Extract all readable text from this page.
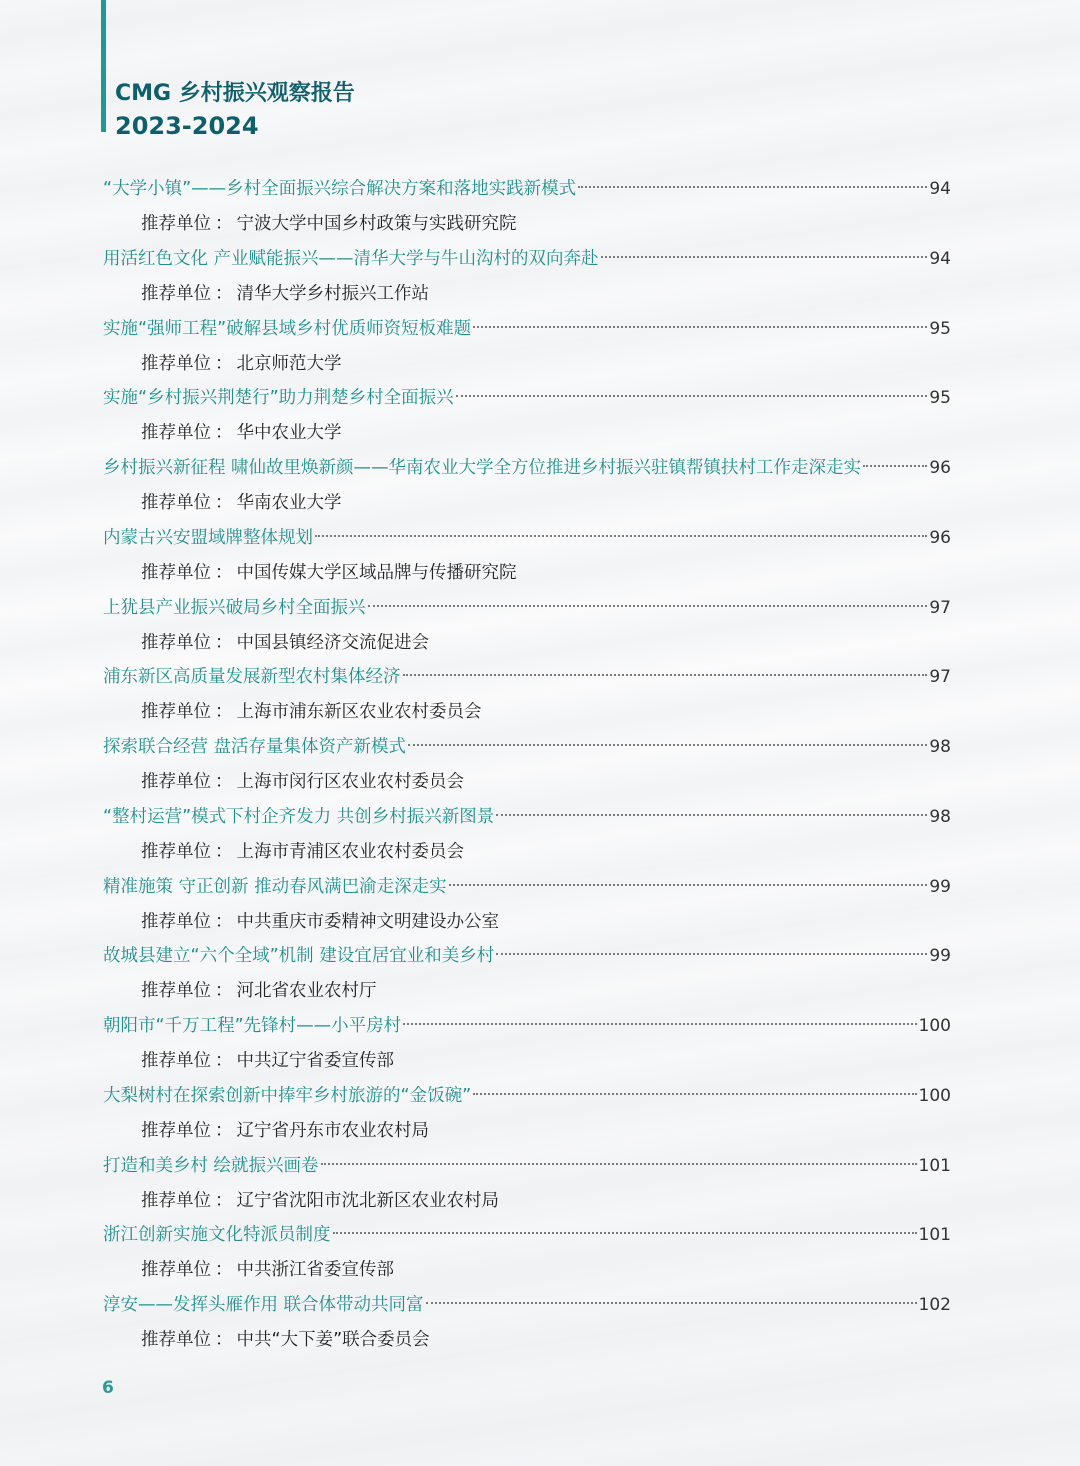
CMG 乡村振兴观察报告
2023-2024
“大学小镇”——乡村全面振兴综合解决方案和落地实践新模式	94
推荐单位 ： 宁波大学中国乡村政策与实践研究院
用活红色文化 产业赋能振兴——清华大学与牛山沟村的双向奔赴	94
推荐单位 ： 清华大学乡村振兴工作站
实施“强师工程”破解县域乡村优质师资短板难题	95
推荐单位 ： 北京师范大学
实施“乡村振兴荆楚行”助力荆楚乡村全面振兴	95
推荐单位 ： 华中农业大学
乡村振兴新征程 啸仙故里焕新颜——华南农业大学全方位推进乡村振兴驻镇帮镇扶村工作走深走实	96
推荐单位 ： 华南农业大学
内蒙古兴安盟域牌整体规划	96
推荐单位 ： 中国传媒大学区域品牌与传播研究院
上犹县产业振兴破局乡村全面振兴	97
推荐单位 ： 中国县镇经济交流促进会
浦东新区高质量发展新型农村集体经济	97
推荐单位 ： 上海市浦东新区农业农村委员会
探索联合经营 盘活存量集体资产新模式	98
推荐单位 ： 上海市闵行区农业农村委员会
“整村运营”模式下村企齐发力 共创乡村振兴新图景	98
推荐单位 ： 上海市青浦区农业农村委员会
精准施策 守正创新 推动春风满巴渝走深走实	99
推荐单位 ： 中共重庆市委精神文明建设办公室
故城县建立“六个全域”机制 建设宜居宜业和美乡村	99
推荐单位 ： 河北省农业农村厅
朝阳市“千万工程”先锋村——小平房村	100
推荐单位 ： 中共辽宁省委宣传部
大梨树村在探索创新中捧牢乡村旅游的“金饭碗”	100
推荐单位 ： 辽宁省丹东市农业农村局
打造和美乡村 绘就振兴画卷	101
推荐单位 ： 辽宁省沈阳市沈北新区农业农村局
浙江创新实施文化特派员制度	101
推荐单位 ： 中共浙江省委宣传部
淳安——发挥头雁作用 联合体带动共同富	102
推荐单位 ： 中共“大下姜”联合委员会
6
